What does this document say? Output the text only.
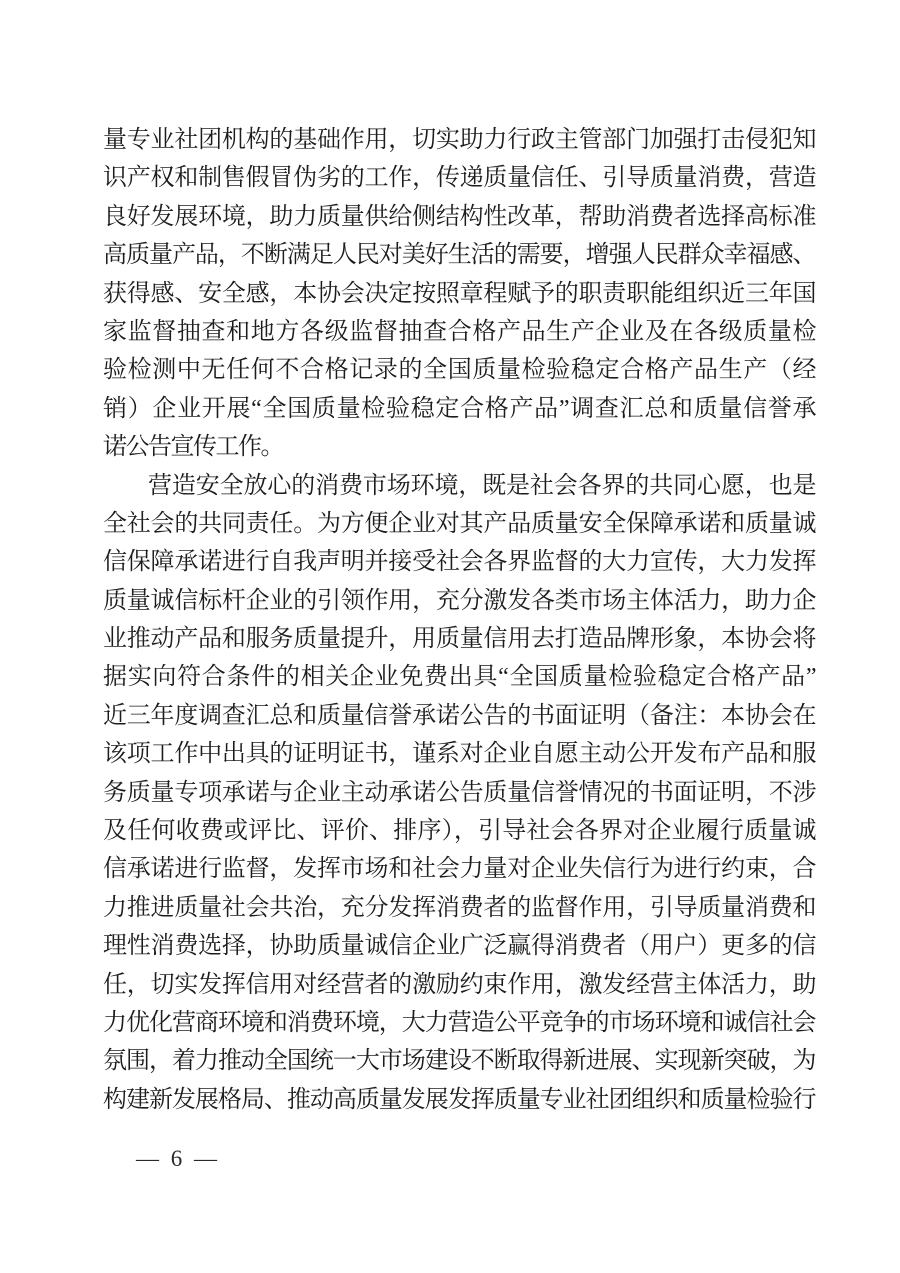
量专业社团机构的基础作用，切实助力行政主管部门加强打击侵犯知
识产权和制售假冒伪劣的工作，传递质量信任、引导质量消费，营造
良好发展环境，助力质量供给侧结构性改革，帮助消费者选择高标准
高质量产品，不断满足人民对美好生活的需要，增强人民群众幸福感、
获得感、安全感，本协会决定按照章程赋予的职责职能组织近三年国
家监督抽查和地方各级监督抽查合格产品生产企业及在各级质量检
验检测中无任何不合格记录的全国质量检验稳定合格产品生产（经
销）企业开展“全国质量检验稳定合格产品”调查汇总和质量信誉承
诺公告宣传工作。
营造安全放心的消费市场环境，既是社会各界的共同心愿，也是
全社会的共同责任。为方便企业对其产品质量安全保障承诺和质量诚
信保障承诺进行自我声明并接受社会各界监督的大力宣传，大力发挥
质量诚信标杆企业的引领作用，充分激发各类市场主体活力，助力企
业推动产品和服务质量提升，用质量信用去打造品牌形象，本协会将
据实向符合条件的相关企业免费出具“全国质量检验稳定合格产品”
近三年度调查汇总和质量信誉承诺公告的书面证明（备注：本协会在
该项工作中出具的证明证书，谨系对企业自愿主动公开发布产品和服
务质量专项承诺与企业主动承诺公告质量信誉情况的书面证明，不涉
及任何收费或评比、评价、排序），引导社会各界对企业履行质量诚
信承诺进行监督，发挥市场和社会力量对企业失信行为进行约束，合
力推进质量社会共治，充分发挥消费者的监督作用，引导质量消费和
理性消费选择，协助质量诚信企业广泛赢得消费者（用户）更多的信
任，切实发挥信用对经营者的激励约束作用，激发经营主体活力，助
力优化营商环境和消费环境，大力营造公平竞争的市场环境和诚信社会
氛围，着力推动全国统一大市场建设不断取得新进展、实现新突破，为
构建新发展格局、推动高质量发展发挥质量专业社团组织和质量检验行
— 6 —
